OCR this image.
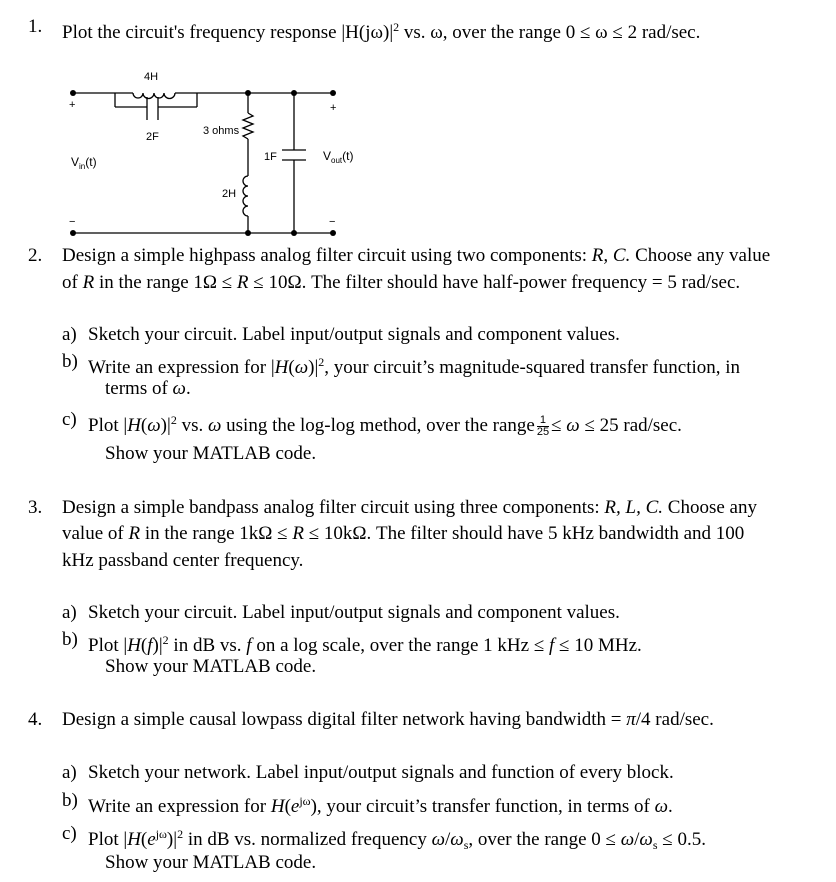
4H
2F	3 ohms
2H
1F
+
−
+
−
$V_{in}(t)$	$V_{out}(t)$
1. Plot the circuit's frequency response $|H(j\omega)|^2$ vs. ω, over the range 0 ≤ ω ≤ 2 rad/sec.
2. Design a simple highpass analog filter circuit using two components: R, C. Choose any value
of R in the range 1Ω ≤ R ≤ 10Ω. The filter should have half-power frequency = 5 rad/sec.
a) Sketch your circuit. Label input/output signals and component values.
b) Write an expression for $|H(\omega)|^2$, your circuit’s magnitude-squared transfer function, in
terms of ω.
c) Plot $|H(\omega)|^2$ vs. ω using the log-log method, over the range $\frac{1}{25} \le \omega \le 25$ rad/sec.
Show your MATLAB code.
3. Design a simple bandpass analog filter circuit using three components: R, L, C. Choose any
value of R in the range 1kΩ ≤ R ≤ 10kΩ. The filter should have 5 kHz bandwidth and 100
kHz passband center frequency.
a) Sketch your circuit. Label input/output signals and component values.
b) Plot $|H(f)|^2$ in dB vs. f on a log scale, over the range 1 kHz ≤ f ≤ 10 MHz.
Show your MATLAB code.
4. Design a simple causal lowpass digital filter network having bandwidth = π/4 rad/sec.
a) Sketch your network. Label input/output signals and function of every block.
b) Write an expression for $H(e^{j\omega})$, your circuit’s transfer function, in terms of ω.
c) Plot $|H(e^{j\omega})|^2$ in dB vs. normalized frequency $\omega/\omega_s$, over the range $0 \le \omega/\omega_s \le 0.5$.
Show your MATLAB code.
